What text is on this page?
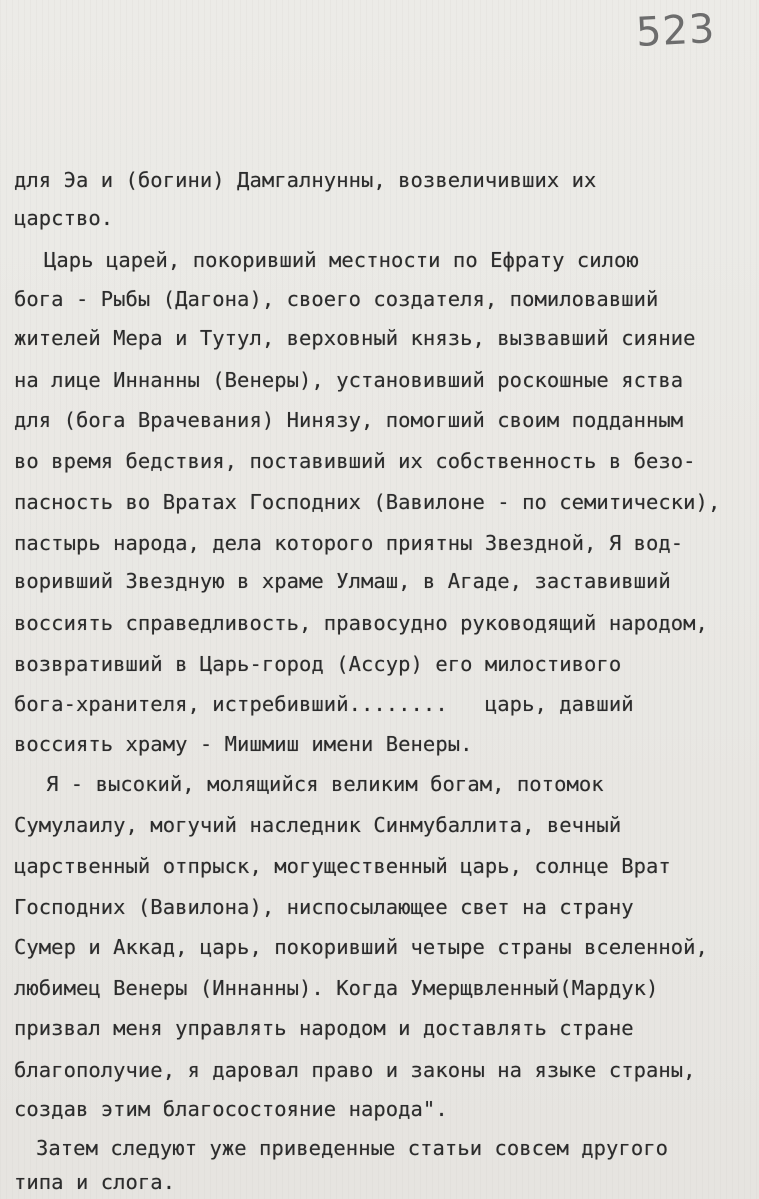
523

для Эа и (богини) Дамгалнунны, возвеличивших их

царство.

Царь царей, покоривший местности по Ефрату силою

бога - Рыбы (Дагона), своего создателя, помиловавший

жителей Мера и Тутул, верховный князь, вызвавший сияние

на лице Иннанны (Венеры), установивший роскошные яства

для (бога Врачевания) Нинязу, помогший своим подданным

во время бедствия, поставивший их собственность в безо-

пасность во Вратах Господних (Вавилоне - по семитически),

пастырь народа, дела которого приятны Звездной, Я вод-

воривший Звездную в храме Улмаш, в Агаде, заставивший

воссиять справедливость, правосудно руководящий народом,

возвративший в Царь-город (Ассур) его милостивого

бога-хранителя, истребивший........   царь, давший

воссиять храму - Мишмиш имени Венеры.

Я - высокий, молящийся великим богам, потомок

Сумулаилу, могучий наследник Синмубаллита, вечный

царственный отпрыск, могущественный царь, солнце Врат

Господних (Вавилона), ниспосылающее свет на страну

Сумер и Аккад, царь, покоривший четыре страны вселенной,

любимец Венеры (Иннанны). Когда Умерщвленный(Мардук)

призвал меня управлять народом и доставлять стране

благополучие, я даровал право и законы на языке страны,

создав этим благосостояние народа".

Затем следуют уже приведенные статьи совсем другого

типа и слога.
